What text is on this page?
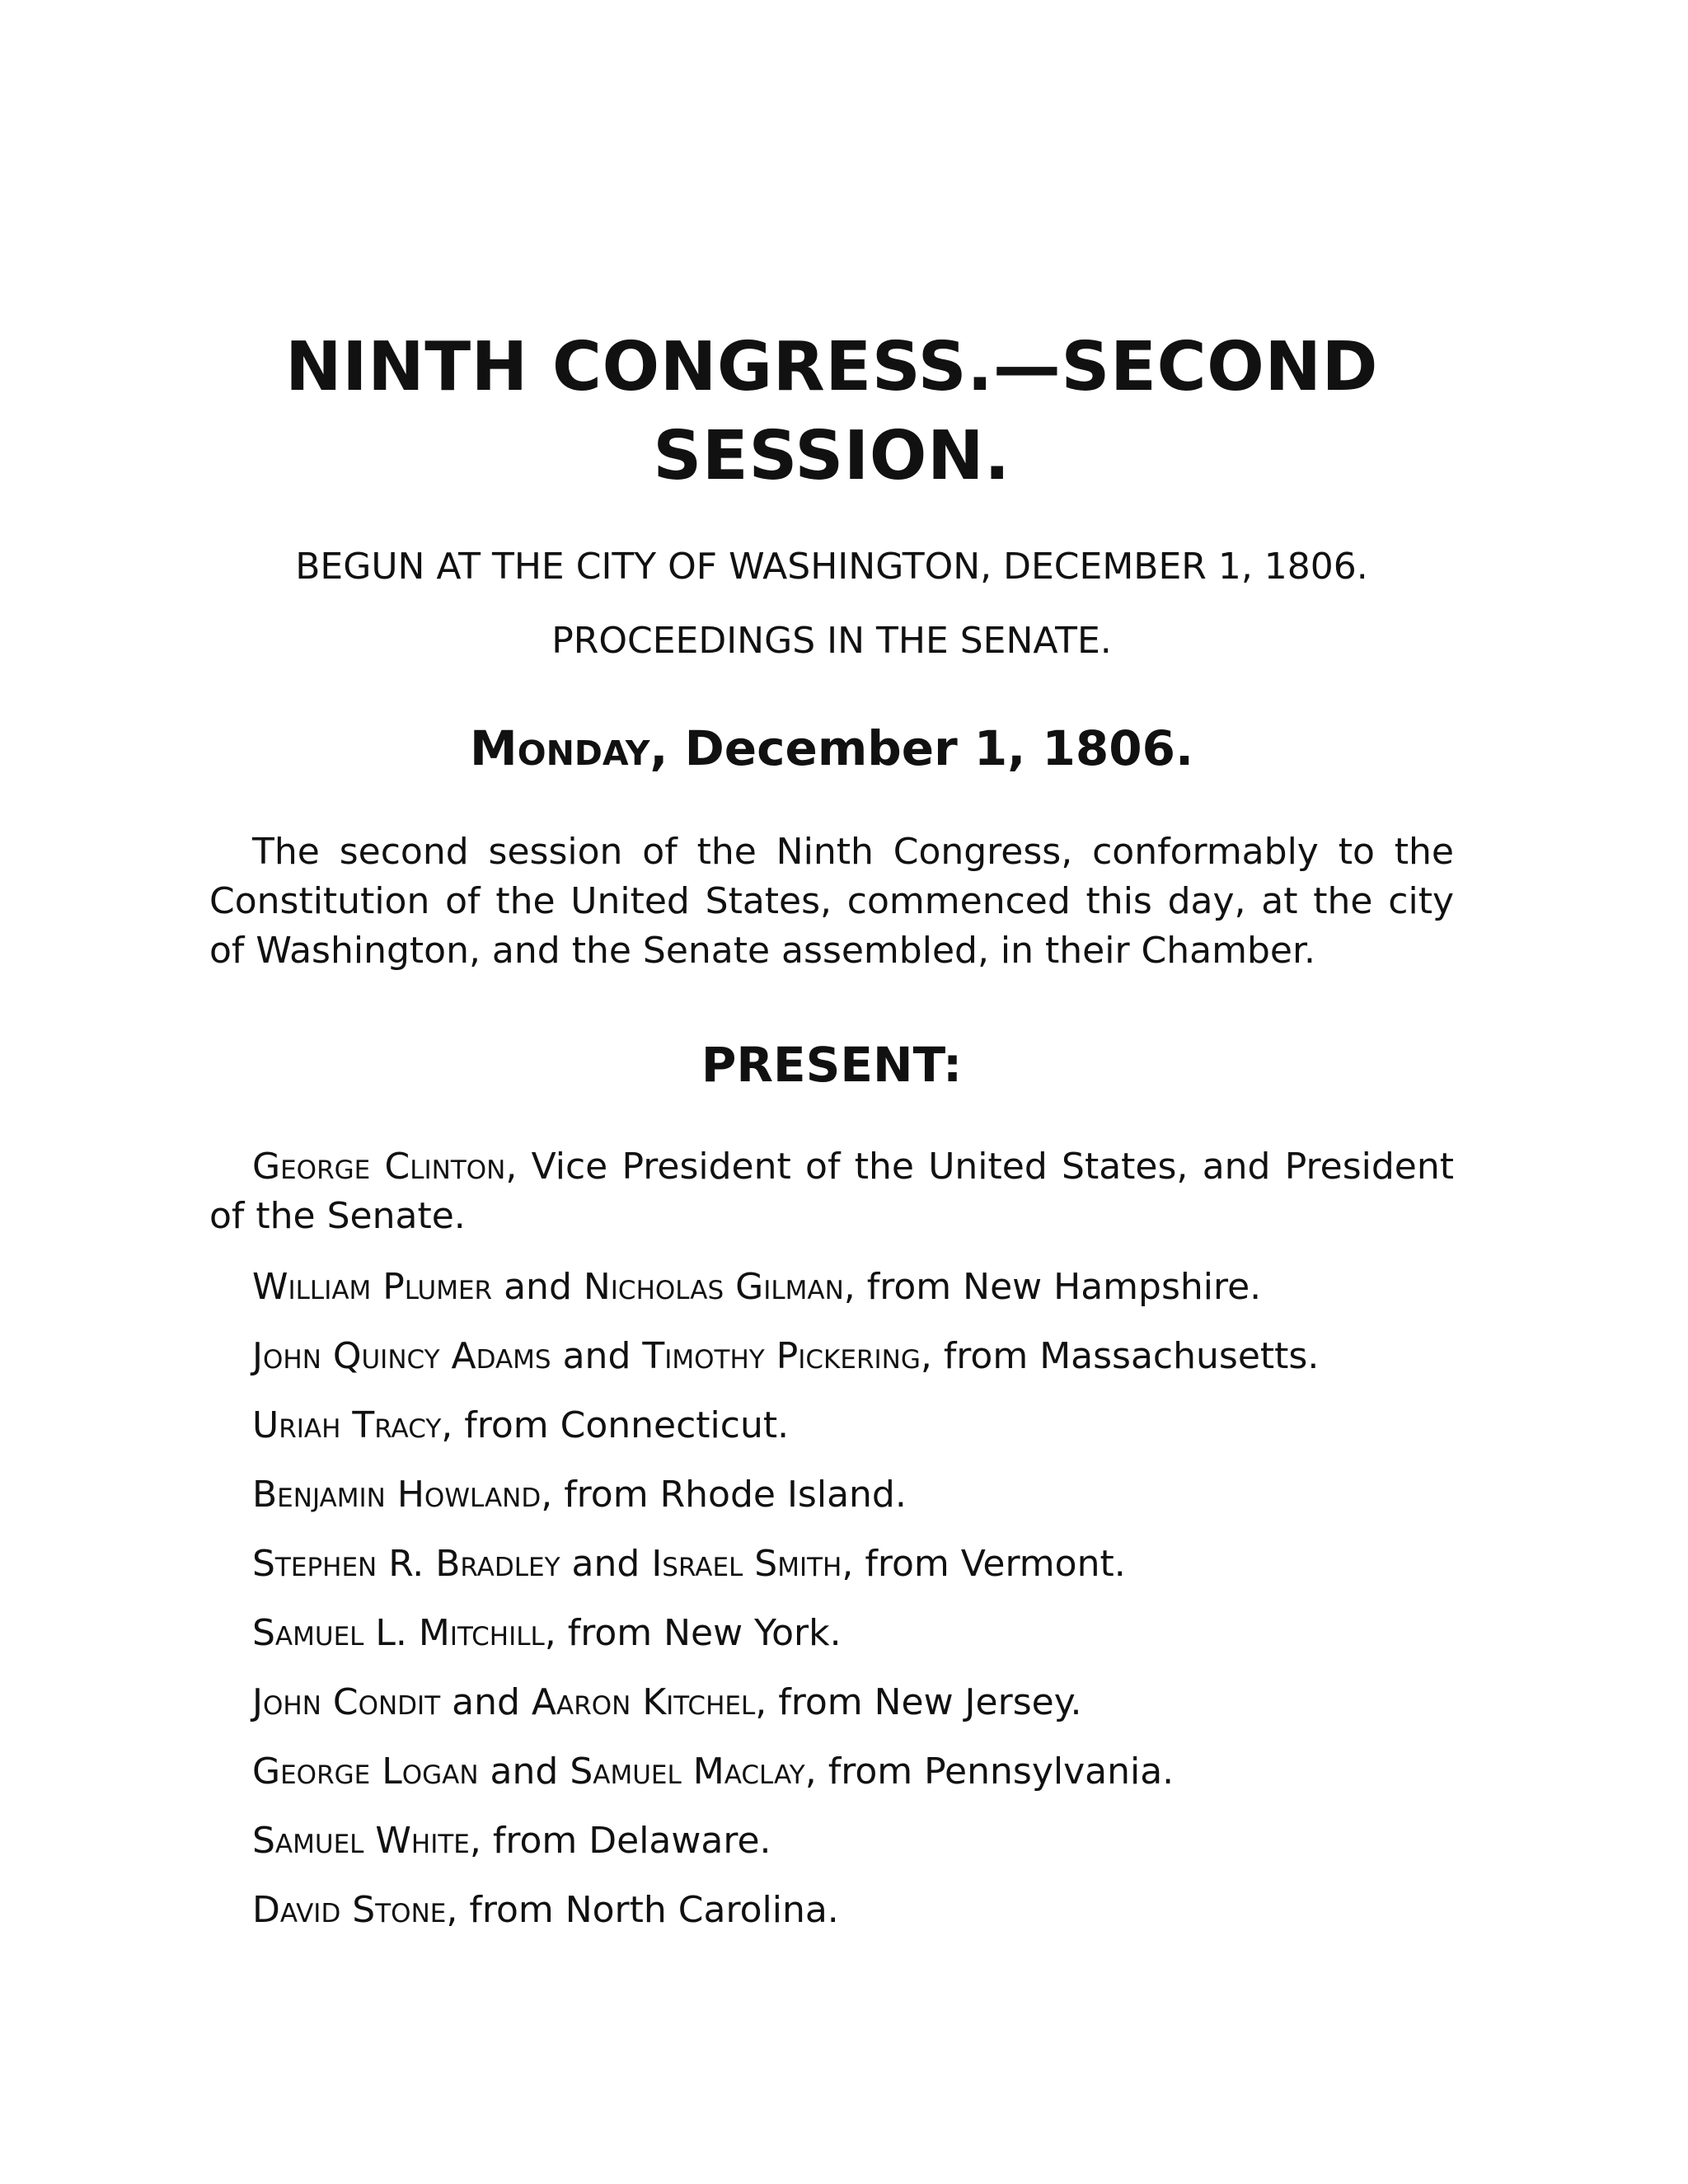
NINTH CONGRESS.—SECOND SESSION.
BEGUN AT THE CITY OF WASHINGTON, DECEMBER 1, 1806.
PROCEEDINGS IN THE SENATE.
Monday, December 1, 1806.

The second session of the Ninth Congress, conformably to the Constitution of the United States, commenced this day, at the city of Washington, and the Senate assembled, in their Chamber.

PRESENT:

George Clinton, Vice President of the United States, and President of the Senate.

William Plumer and Nicholas Gilman, from New Hampshire.
John Quincy Adams and Timothy Pickering, from Massachusetts.
Uriah Tracy, from Connecticut.
Benjamin Howland, from Rhode Island.
Stephen R. Bradley and Israel Smith, from Vermont.
Samuel L. Mitchill, from New York.
John Condit and Aaron Kitchel, from New Jersey.
George Logan and Samuel Maclay, from Pennsylvania.
Samuel White, from Delaware.
David Stone, from North Carolina.
